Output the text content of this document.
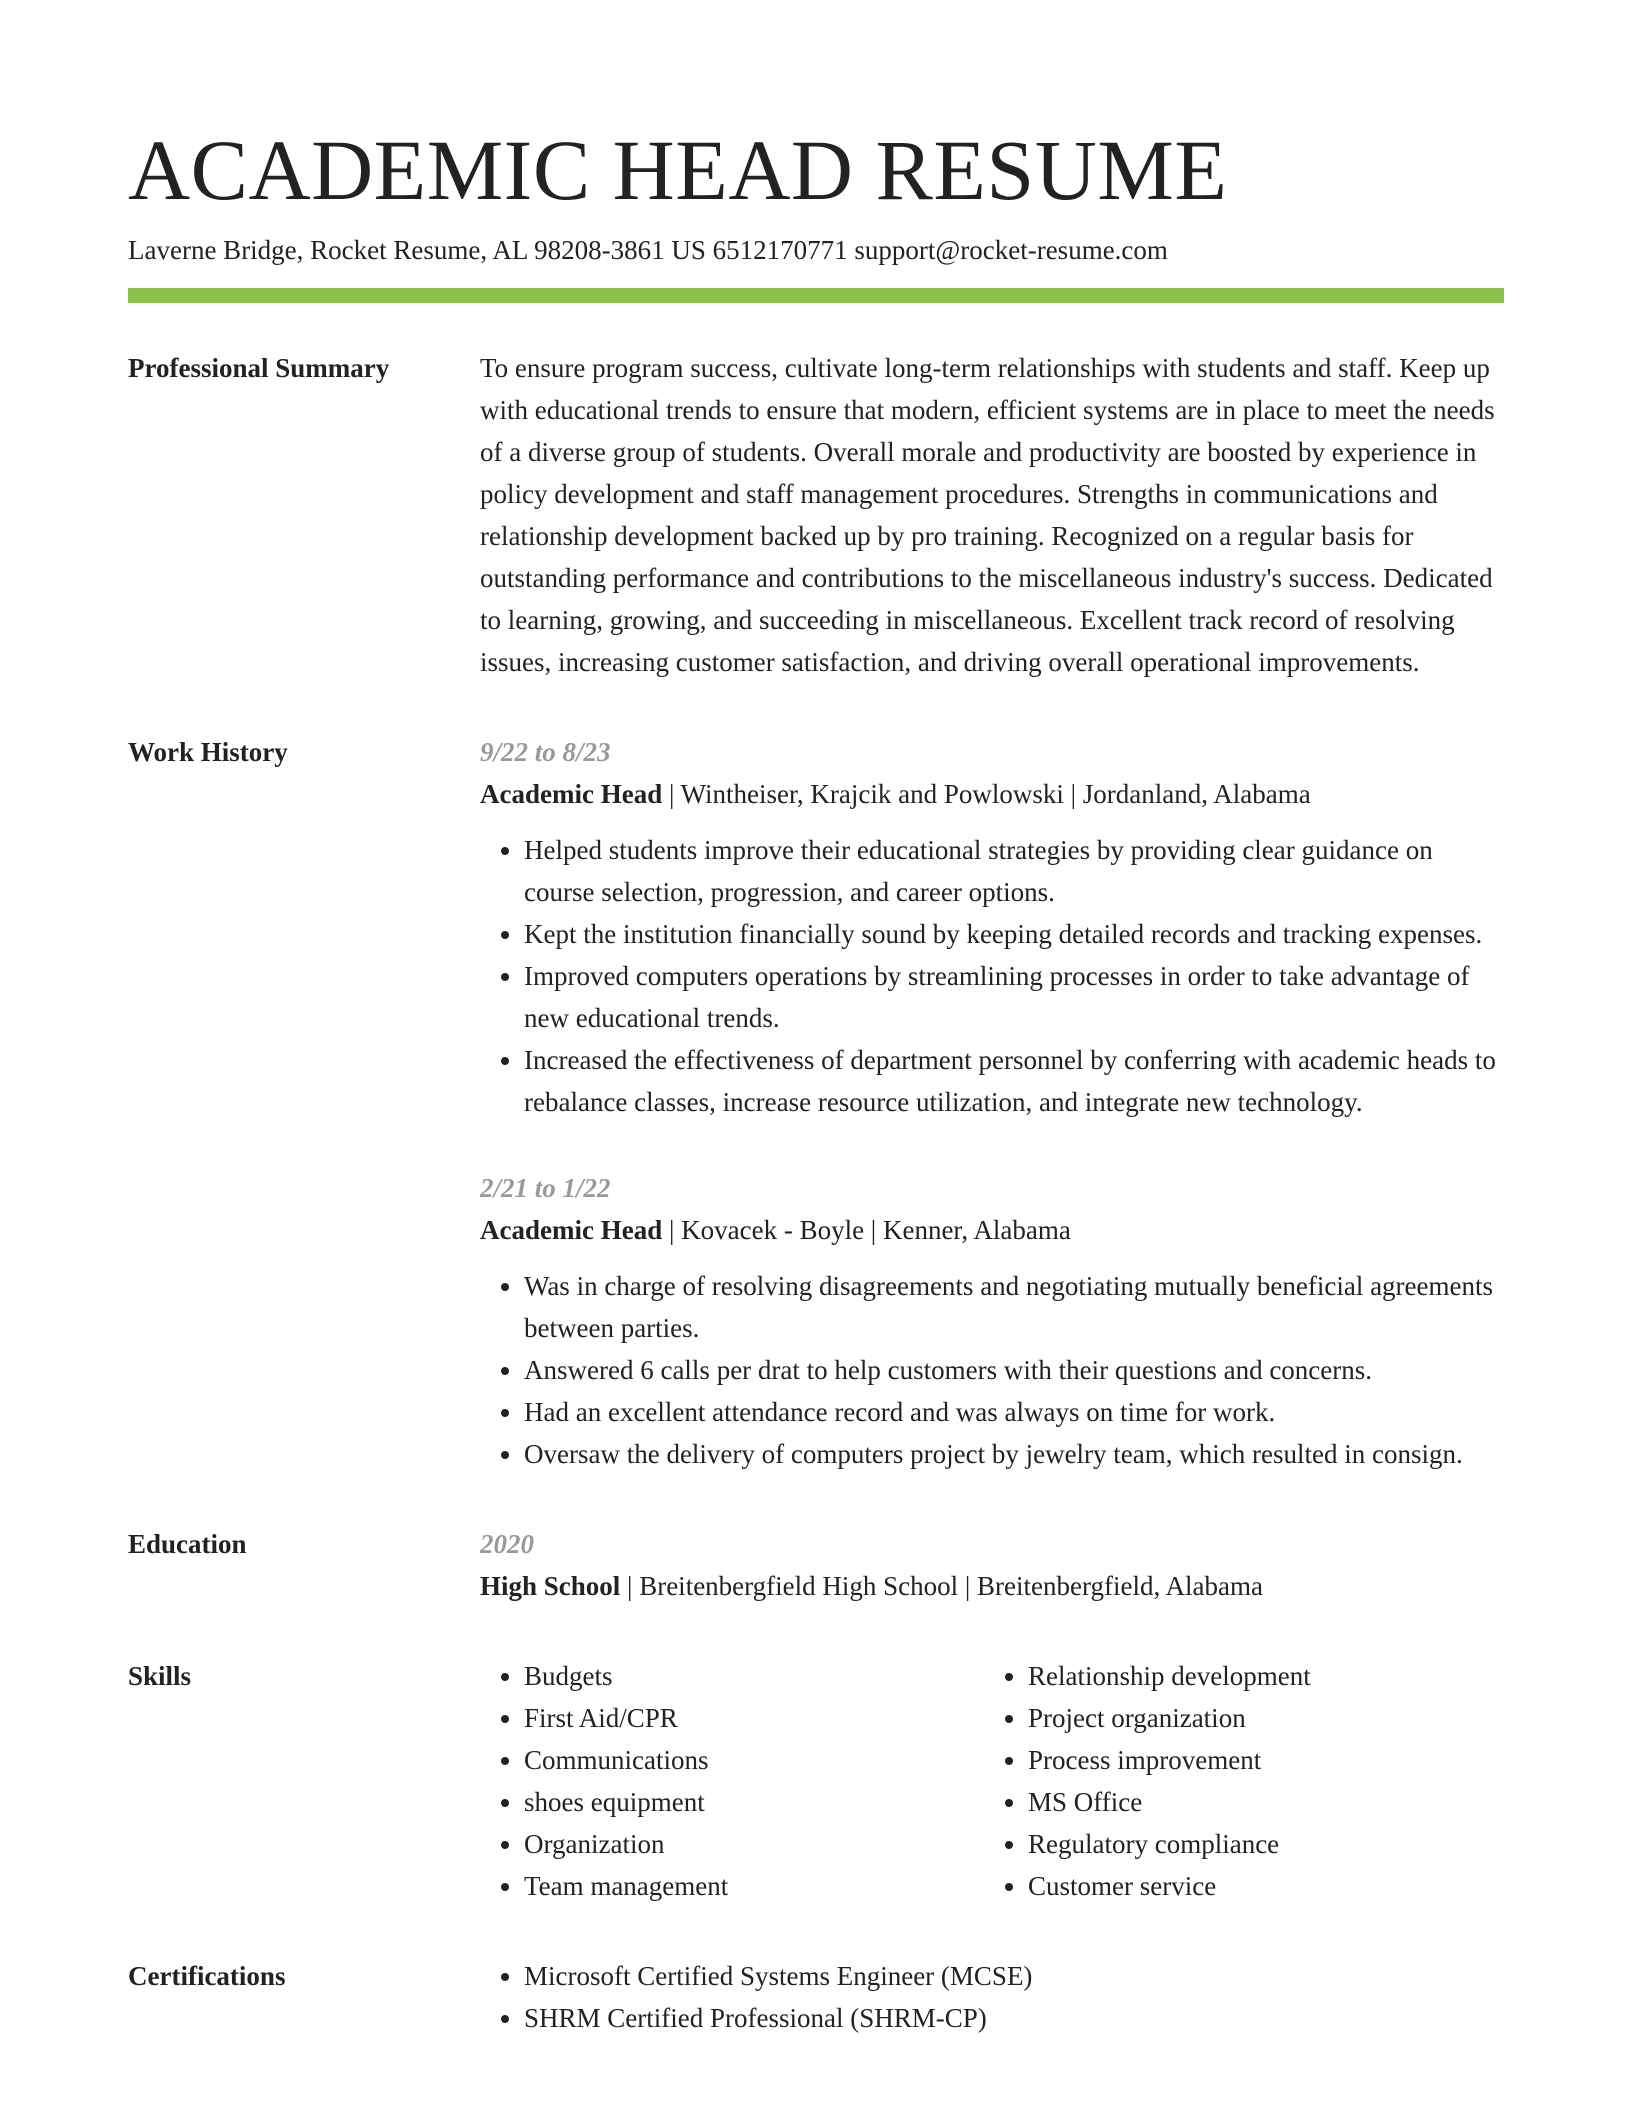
ACADEMIC HEAD RESUME
Laverne Bridge, Rocket Resume, AL 98208-3861 US 6512170771 support@rocket-resume.com
Professional Summary	To ensure program success, cultivate long-term relationships with students and staff. Keep up with educational trends to ensure that modern, efficient systems are in place to meet the needs of a diverse group of students. Overall morale and productivity are boosted by experience in policy development and staff management procedures. Strengths in communications and relationship development backed up by pro training. Recognized on a regular basis for outstanding performance and contributions to the miscellaneous industry's success. Dedicated to learning, growing, and succeeding in miscellaneous. Excellent track record of resolving issues, increasing customer satisfaction, and driving overall operational improvements.

Work History	9/22 to 8/23
Academic Head | Wintheiser, Krajcik and Powlowski | Jordanland, Alabama
• Helped students improve their educational strategies by providing clear guidance on course selection, progression, and career options.
• Kept the institution financially sound by keeping detailed records and tracking expenses.
• Improved computers operations by streamlining processes in order to take advantage of new educational trends.
• Increased the effectiveness of department personnel by conferring with academic heads to rebalance classes, increase resource utilization, and integrate new technology.
2/21 to 1/22
Academic Head | Kovacek - Boyle | Kenner, Alabama
• Was in charge of resolving disagreements and negotiating mutually beneficial agreements between parties.
• Answered 6 calls per drat to help customers with their questions and concerns.
• Had an excellent attendance record and was always on time for work.
• Oversaw the delivery of computers project by jewelry team, which resulted in consign.
Education	2020
High School | Breitenbergfield High School | Breitenbergfield, Alabama
Skills	• Budgets
• First Aid/CPR
• Communications
• shoes equipment
• Organization
• Team management
• Relationship development
• Project organization
• Process improvement
• MS Office
• Regulatory compliance
• Customer service
Certifications	• Microsoft Certified Systems Engineer (MCSE)
• SHRM Certified Professional (SHRM-CP)
